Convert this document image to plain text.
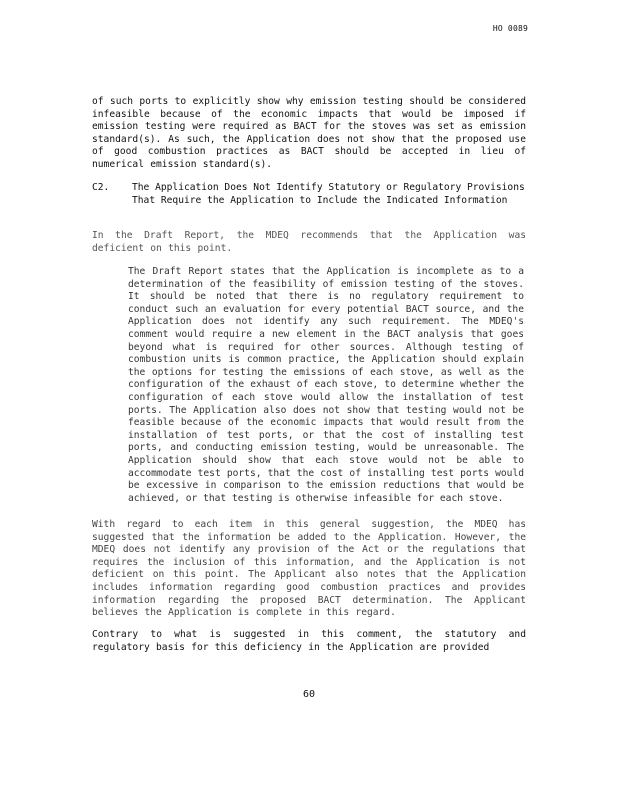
HO 0089
of such ports to explicitly show why emission testing should be considered infeasible because of the economic impacts that would be imposed if emission testing were required as BACT for the stoves was set as emission standard(s). As such, the Application does not show that the proposed use of good combustion practices as BACT should be accepted in lieu of numerical emission standard(s).
C2.	The Application Does Not Identify Statutory or Regulatory Provisions That Require the Application to Include the Indicated Information
In the Draft Report, the MDEQ recommends that the Application was deficient on this point.
The Draft Report states that the Application is incomplete as to a determination of the feasibility of emission testing of the stoves. It should be noted that there is no regulatory requirement to conduct such an evaluation for every potential BACT source, and the Application does not identify any such requirement. The MDEQ's comment would require a new element in the BACT analysis that goes beyond what is required for other sources. Although testing of combustion units is common practice, the Application should explain the options for testing the emissions of each stove, as well as the configuration of the exhaust of each stove, to determine whether the configuration of each stove would allow the installation of test ports. The Application also does not show that testing would not be feasible because of the economic impacts that would result from the installation of test ports, or that the cost of installing test ports, and conducting emission testing, would be unreasonable. The Application should show that each stove would not be able to accommodate test ports, that the cost of installing test ports would be excessive in comparison to the emission reductions that would be achieved, or that testing is otherwise infeasible for each stove.
With regard to each item in this general suggestion, the MDEQ has suggested that the information be added to the Application. However, the MDEQ does not identify any provision of the Act or the regulations that requires the inclusion of this information, and the Application is not deficient on this point. The Applicant also notes that the Application includes information regarding good combustion practices and provides information regarding the proposed BACT determination. The Applicant believes the Application is complete in this regard.
Contrary to what is suggested in this comment, the statutory and regulatory basis for this deficiency in the Application are provided
60
